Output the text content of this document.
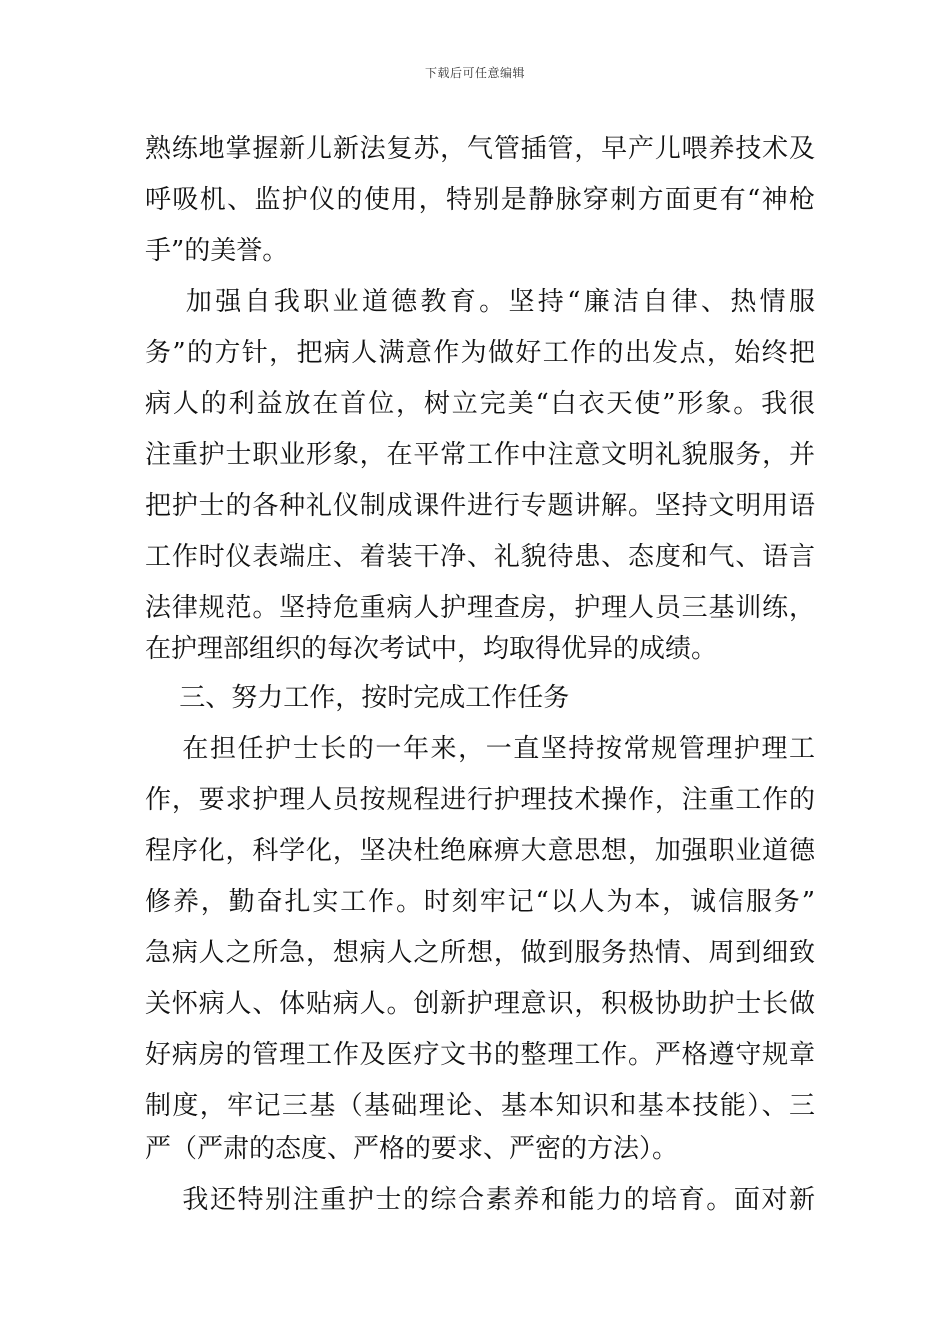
下载后可任意编辑
熟练地掌握新儿新法复苏，气管插管，早产儿喂养技术及
呼吸机、监护仪的使用，特别是静脉穿刺方面更有“神枪
手”的美誉。
　 加强自我职业道德教育。坚持“廉洁自律、热情服
务”的方针，把病人满意作为做好工作的出发点，始终把
病人的利益放在首位，树立完美“白衣天使”形象。我很
注重护士职业形象，在平常工作中注意文明礼貌服务，并
把护士的各种礼仪制成课件进行专题讲解。坚持文明用语
工作时仪表端庄、着装干净、礼貌待患、态度和气、语言
法律规范。坚持危重病人护理查房，护理人员三基训练，
在护理部组织的每次考试中，均取得优异的成绩。
　 三、努力工作，按时完成工作任务
　 在担任护士长的一年来，一直坚持按常规管理护理工
作，要求护理人员按规程进行护理技术操作，注重工作的
程序化，科学化，坚决杜绝麻痹大意思想，加强职业道德
修养，勤奋扎实工作。时刻牢记“以人为本，诚信服务”
急病人之所急，想病人之所想，做到服务热情、周到细致
关怀病人、体贴病人。创新护理意识，积极协助护士长做
好病房的管理工作及医疗文书的整理工作。严格遵守规章
制度，牢记三基（基础理论、基本知识和基本技能）、三
严（严肃的态度、严格的要求、严密的方法）。
　 我还特别注重护士的综合素养和能力的培育。面对新
